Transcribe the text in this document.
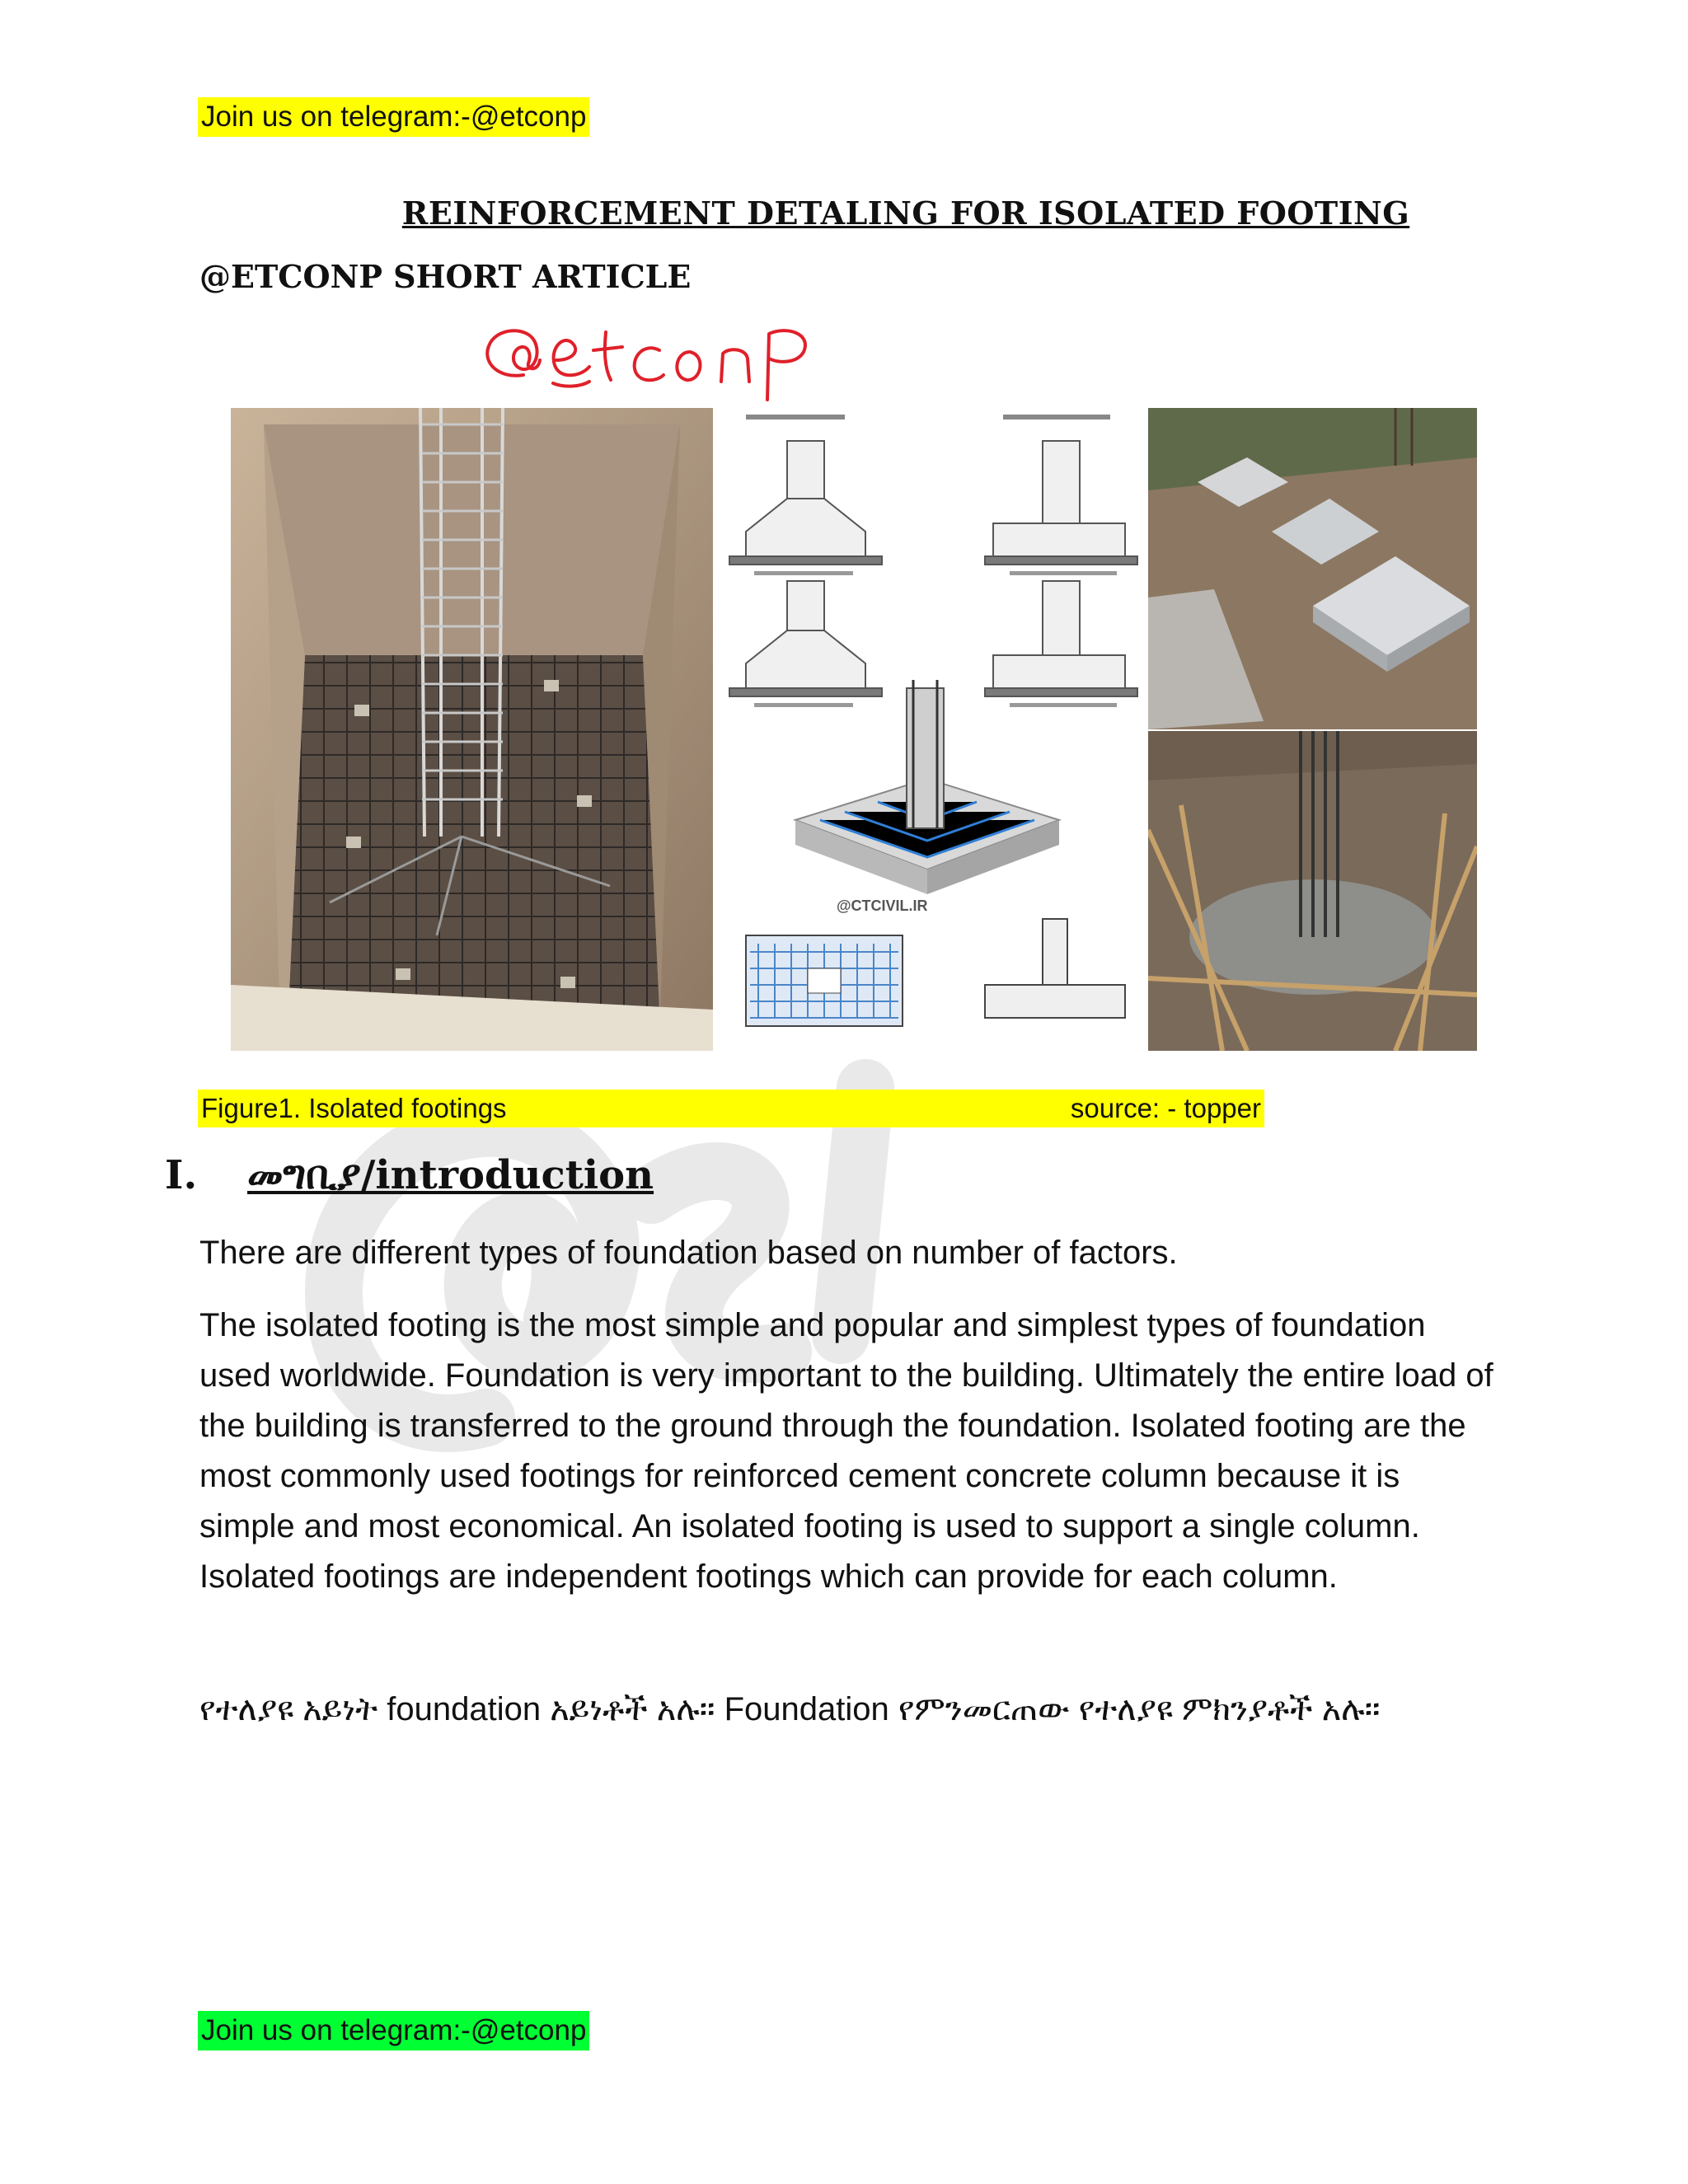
Join us on telegram:-@etconp
REINFORCEMENT DETALING FOR ISOLATED FOOTING
@ETCONP SHORT ARTICLE
@CTCIVIL.IR
Figure1. Isolated footings	source: - topper
I. መግቢያ/introduction
There are different types of foundation based on number of factors.
The isolated footing is the most simple and popular and simplest types of foundation used worldwide. Foundation is very important to the building. Ultimately the entire load of the building is transferred to the ground through the foundation. Isolated footing are the most commonly used footings for reinforced cement concrete column because it is simple and most economical. An isolated footing is used to support a single column. Isolated footings are independent footings which can provide for each column.
የተለያዩ አይነት foundation አይነቶች አሉ። Foundation የምንመርጠው የተለያዩ ምክንያቶች አሉ።
Join us on telegram:-@etconp
